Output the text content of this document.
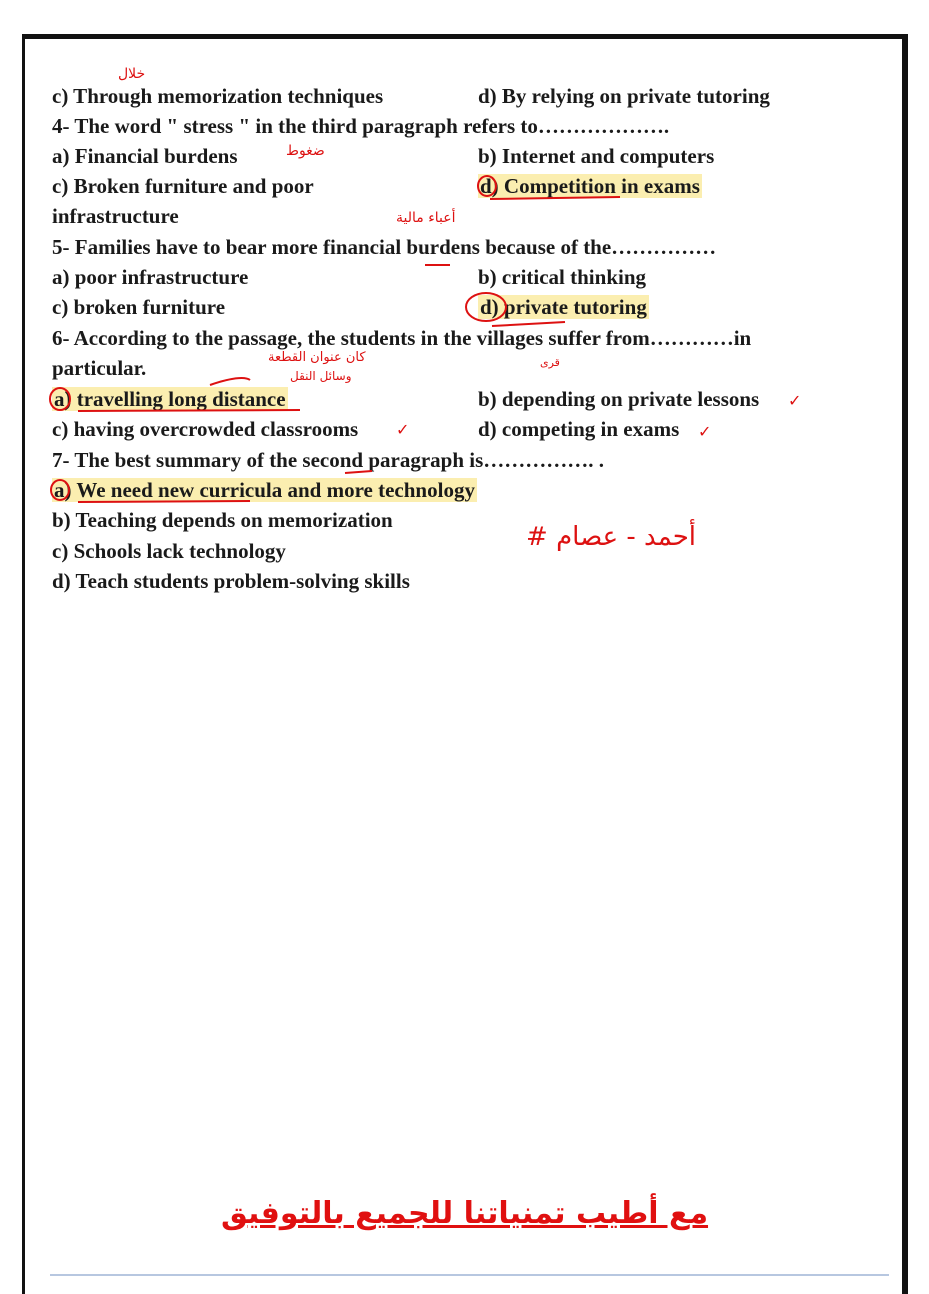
c) Through memorization techniques	d) By relying on private tutoring
4- The word " stress " in the third paragraph refers to……………….
a) Financial burdens	b) Internet and computers
c) Broken furniture and poor	d) Competition in exams
infrastructure
5- Families have to bear more financial burdens because of the……………
a) poor infrastructure	b) critical thinking
c) broken furniture	d) private tutoring
6- According to the passage, the students in the villages suffer from…………in
particular.
a) travelling long distance	b) depending on private lessons
c) having overcrowded classrooms	d) competing in exams
7- The best summary of the second paragraph is……………. .
a) We need new curricula and more technology
b) Teaching depends on memorization
c) Schools lack technology
d) Teach students problem-solving skills
خلال
ضغوط
أعباء مالية
كان عنوان القطعة
وسائل النقل
قرى
# أحمد - عصام
✓
✓	✓
مع أطيب تمنياتنا للجميع بالتوفيق
